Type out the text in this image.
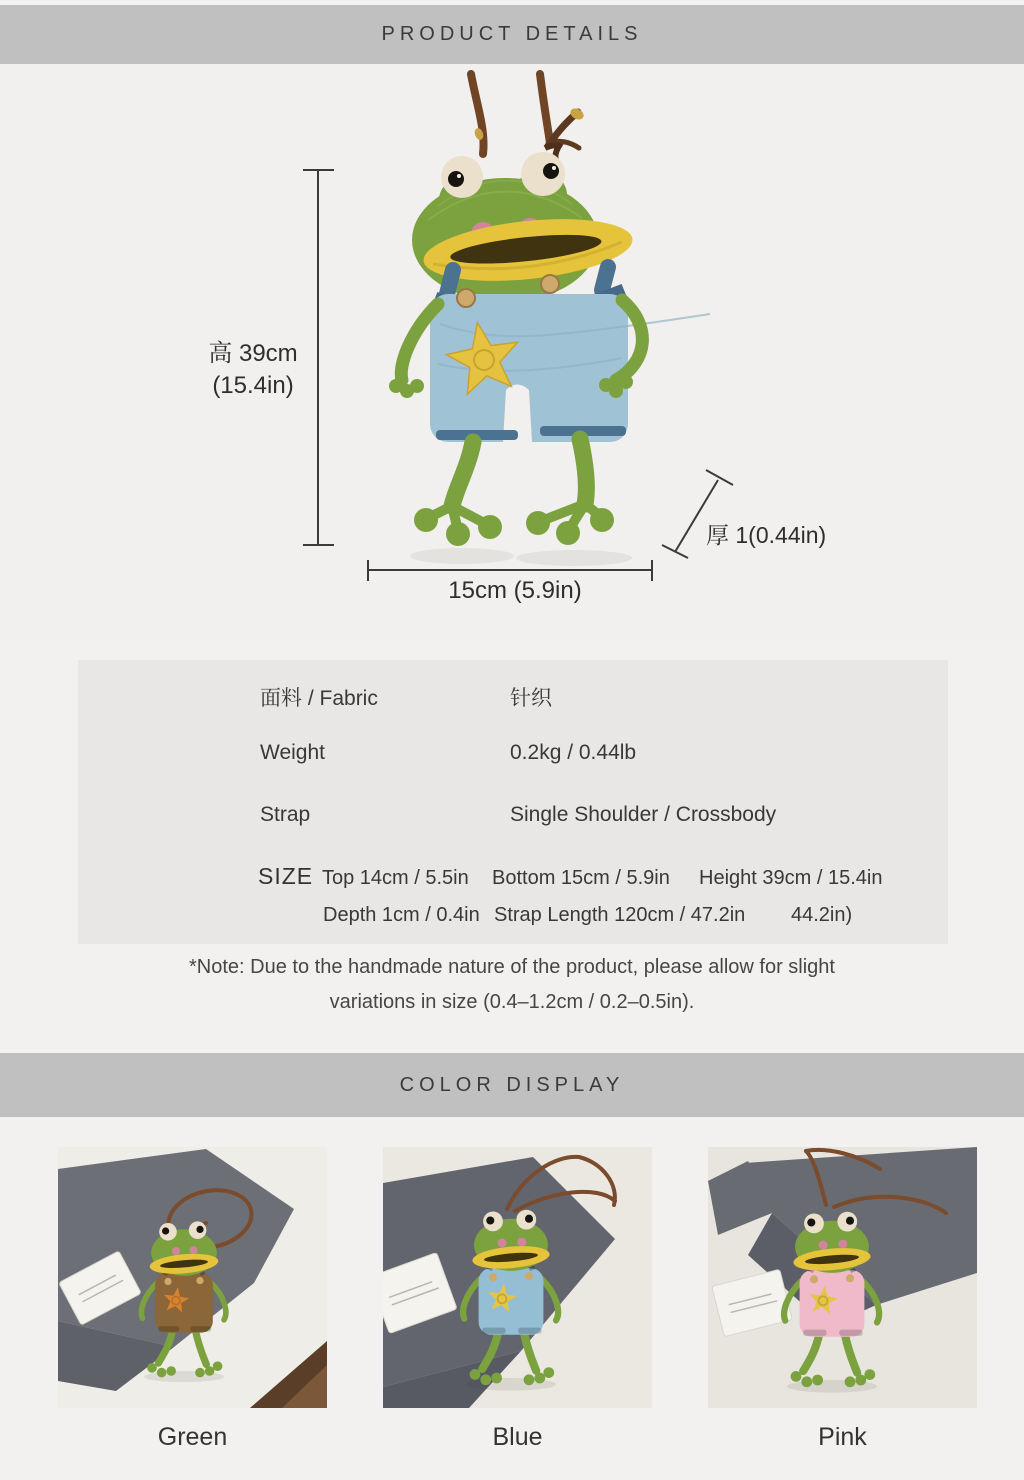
PRODUCT DETAILS
高 39cm
(15.4in)
15cm (5.9in)
厚 1(0.44in)
面料 / Fabric	针织
Weight	0.2kg / 0.44lb
Strap	Single Shoulder / Crossbody
SIZE Top 14cm / 5.5in Bottom 15cm / 5.9in Height 39cm / 15.4in
Depth 1cm / 0.4in Strap Length 120cm / 47.2in 44.2in)
*Note: Due to the handmade nature of the product, please allow for slight
variations in size (0.4–1.2cm / 0.2–0.5in).
COLOR DISPLAY
Green	Blue	Pink
